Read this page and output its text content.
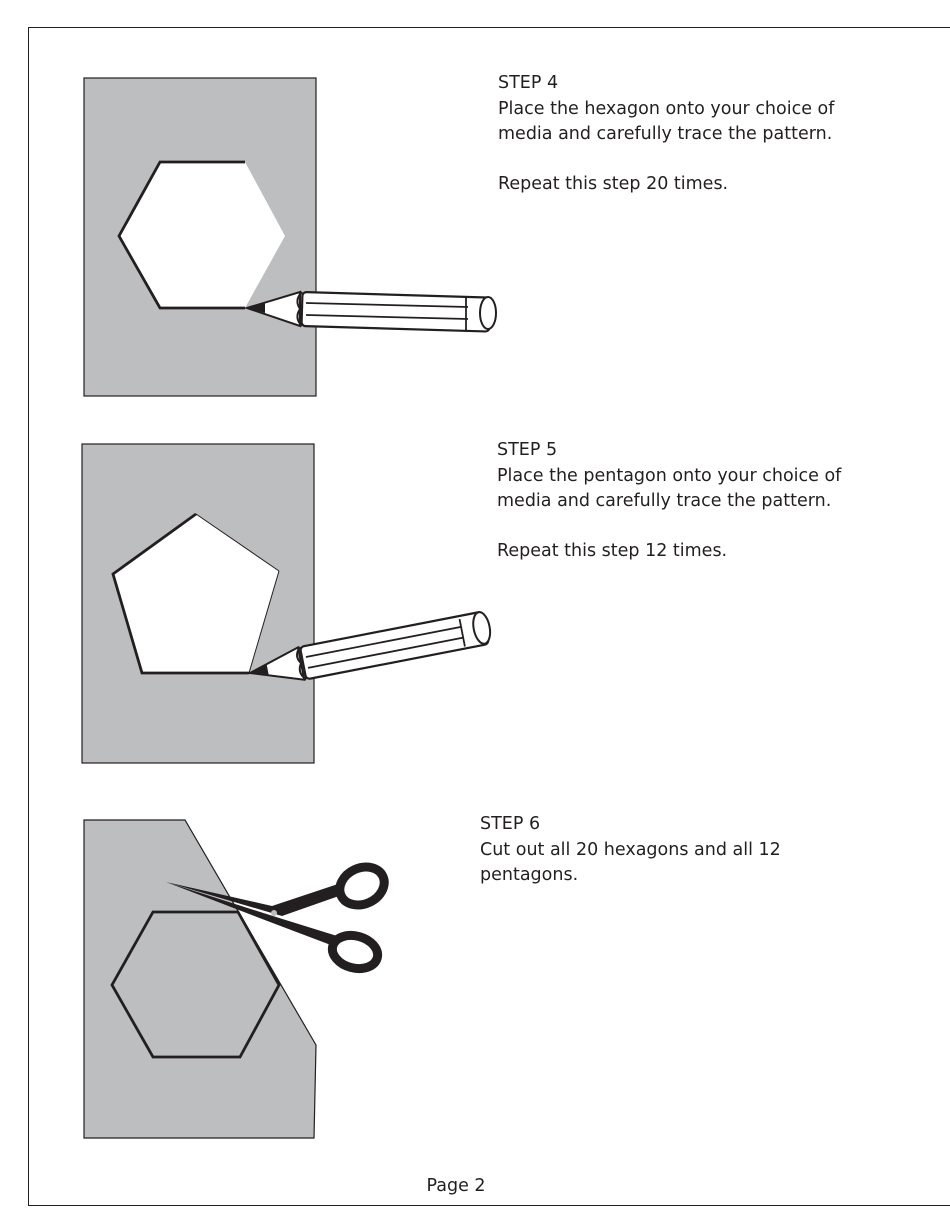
STEP 4
Place the hexagon onto your choice of media and carefully trace the pattern.
Repeat this step 20 times.
STEP 5
Place the pentagon onto your choice of media and carefully trace the pattern.
Repeat this step 12 times.
STEP 6
Cut out all 20 hexagons and all 12 pentagons.
Page 2
